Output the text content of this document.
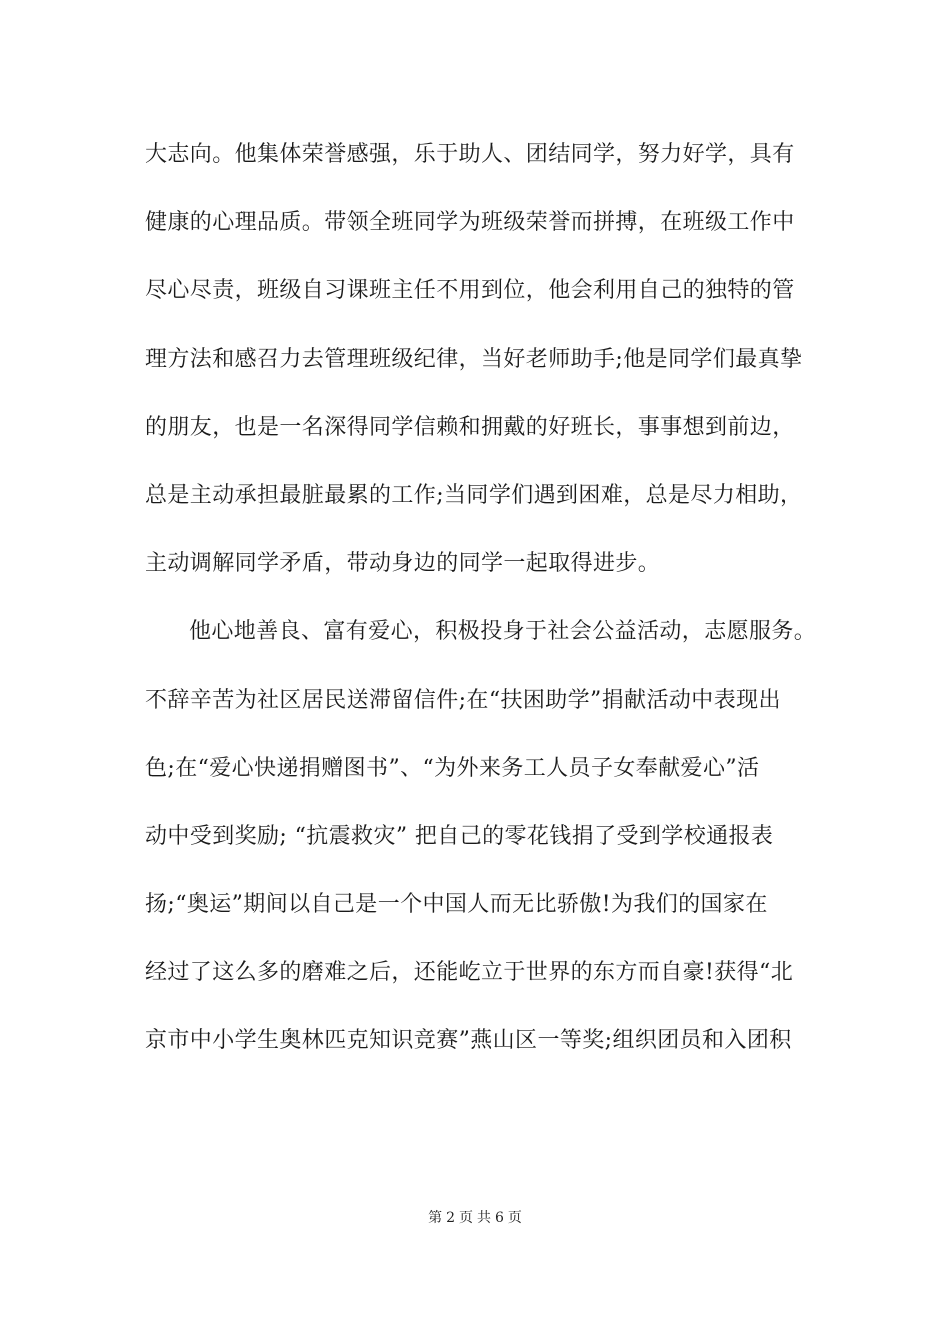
大志向。他集体荣誉感强，乐于助人、团结同学，努力好学，具有
健康的心理品质。带领全班同学为班级荣誉而拼搏，在班级工作中
尽心尽责，班级自习课班主任不用到位，他会利用自己的独特的管
理方法和感召力去管理班级纪律，当好老师助手;他是同学们最真挚
的朋友，也是一名深得同学信赖和拥戴的好班长，事事想到前边，
总是主动承担最脏最累的工作;当同学们遇到困难，总是尽力相助，
主动调解同学矛盾，带动身边的同学一起取得进步。
他心地善良、富有爱心，积极投身于社会公益活动，志愿服务。
不辞辛苦为社区居民送滞留信件;在“扶困助学”捐献活动中表现出
色;在“爱心快递捐赠图书”、“为外来务工人员子女奉献爱心”活
动中受到奖励; “抗震救灾” 把自己的零花钱捐了受到学校通报表
扬;“奥运”期间以自己是一个中国人而无比骄傲!为我们的国家在
经过了这么多的磨难之后，还能屹立于世界的东方而自豪!获得“北
京市中小学生奥林匹克知识竞赛”燕山区一等奖;组织团员和入团积
第 2 页 共 6 页
